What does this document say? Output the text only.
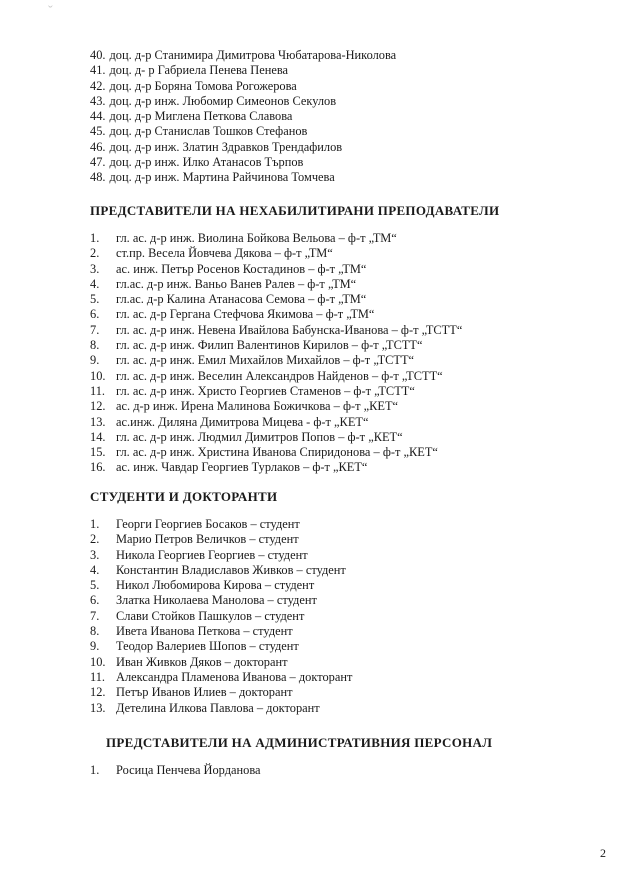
ˇ
40. доц. д-р Станимира Димитрова Чюбатарова-Николова
41. доц. д- р Габриела Пенева Пенева
42. доц. д-р Боряна Томова Рогожерова
43. доц. д-р инж. Любомир Симеонов Секулов
44. доц. д-р Миглена Петкова Славова
45. доц. д-р Станислав Тошков Стефанов
46. доц. д-р инж. Златин Здравков Трендафилов
47. доц. д-р инж. Илко Атанасов Търпов
48. доц. д-р инж. Мартина Райчинова Томчева
ПРЕДСТАВИТЕЛИ НА НЕХАБИЛИТИРАНИ ПРЕПОДАВАТЕЛИ
1. гл. ас. д-р инж. Виолина Бойкова Вельова – ф-т „ТМ“
2. ст.пр. Весела Йовчева Дякова – ф-т „ТМ“
3. ас. инж. Петър Росенов Костадинов – ф-т „ТМ“
4. гл.ас. д-р инж. Ваньо Ванев Ралев – ф-т „ТМ“
5. гл.ас. д-р Калина Атанасова Семова – ф-т „ТМ“
6. гл. ас. д-р Гергана Стефчова Якимова – ф-т „ТМ“
7. гл. ас. д-р инж. Невена Ивайлова Бабунска-Иванова – ф-т „ТСТТ“
8. гл. ас. д-р инж. Филип Валентинов Кирилов – ф-т „ТСТТ“
9. гл. ас. д-р инж. Емил Михайлов Михайлов – ф-т „ТСТТ“
10. гл. ас. д-р инж. Веселин Александров Найденов – ф-т „ТСТТ“
11. гл. ас. д-р инж. Христо Георгиев Стаменов – ф-т „ТСТТ“
12. ас. д-р инж. Ирена Малинова Божичкова – ф-т „КЕТ“
13. ас.инж. Диляна Димитрова Мицева - ф-т „КЕТ“
14. гл. ас. д-р инж. Людмил Димитров Попов – ф-т „КЕТ“
15. гл. ас. д-р инж. Христина Иванова Спиридонова – ф-т „КЕТ“
16. ас. инж. Чавдар Георгиев Турлаков – ф-т „КЕТ“
СТУДЕНТИ И ДОКТОРАНТИ
1. Георги Георгиев Босаков – студент
2. Марио Петров Величков – студент
3. Никола Георгиев Георгиев – студент
4. Константин Владиславов Живков – студент
5. Никол Любомирова Кирова – студент
6. Златка Николаева Манолова – студент
7. Слави Стойков Пашкулов – студент
8. Ивета Иванова Петкова – студент
9. Теодор Валериев Шопов – студент
10. Иван Живков Дяков – докторант
11. Александра Пламенова Иванова – докторант
12. Петър Иванов Илиев – докторант
13. Детелина Илкова Павлова – докторант
ПРЕДСТАВИТЕЛИ НА АДМИНИСТРАТИВНИЯ ПЕРСОНАЛ
1. Росица Пенчева Йорданова
2
